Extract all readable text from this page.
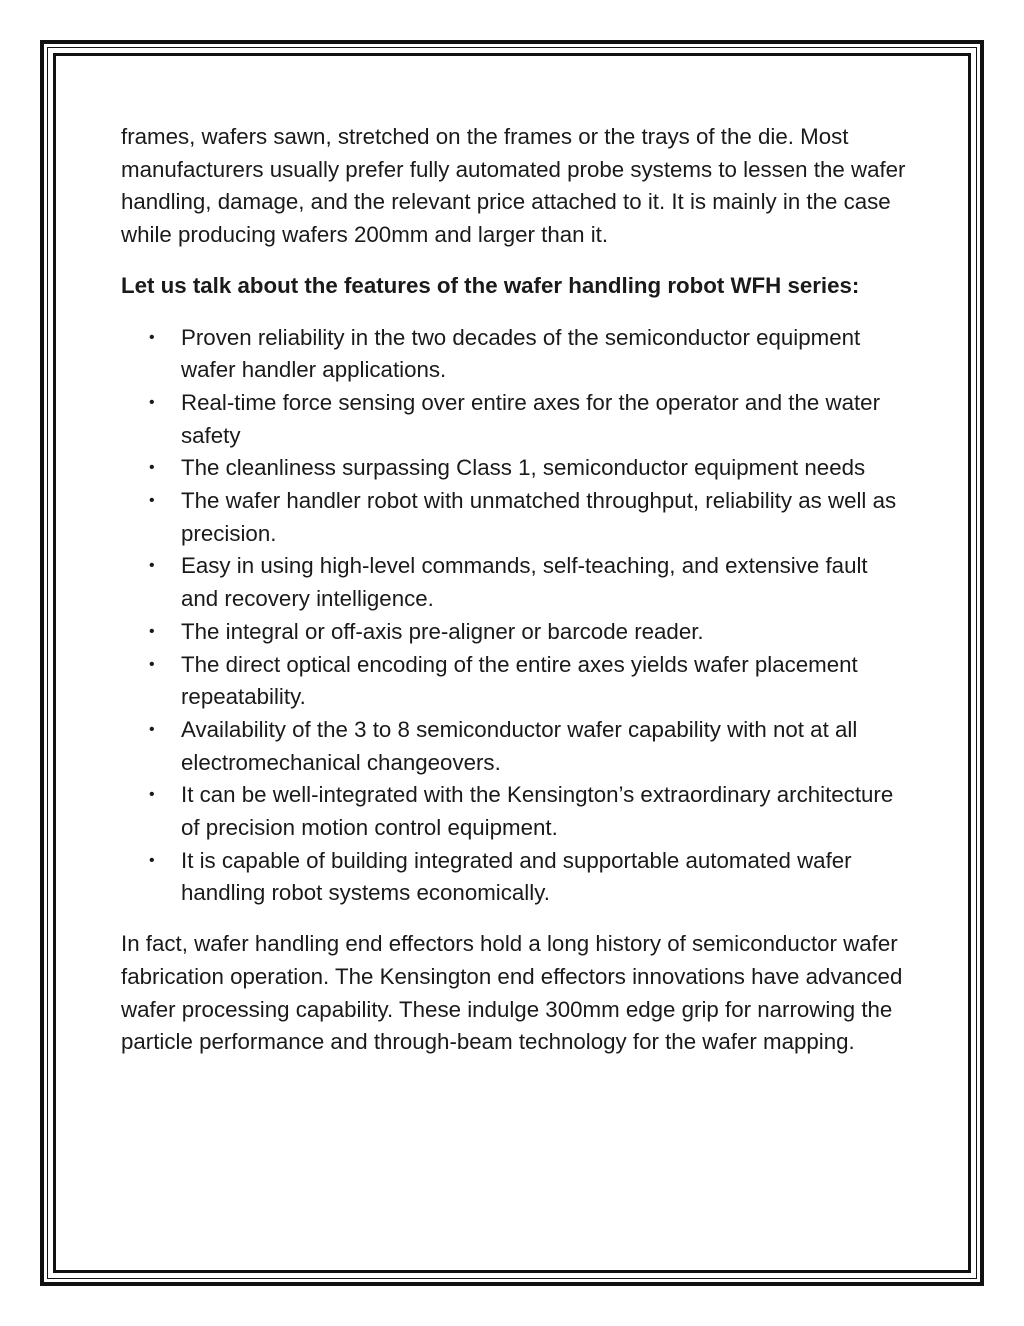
frames, wafers sawn, stretched on the frames or the trays of the die. Most manufacturers usually prefer fully automated probe systems to lessen the wafer handling, damage, and the relevant price attached to it. It is mainly in the case while producing wafers 200mm and larger than it.

Let us talk about the features of the wafer handling robot WFH series:

• Proven reliability in the two decades of the semiconductor equipment wafer handler applications.
• Real-time force sensing over entire axes for the operator and the water safety
• The cleanliness surpassing Class 1, semiconductor equipment needs
• The wafer handler robot with unmatched throughput, reliability as well as precision.
• Easy in using high-level commands, self-teaching, and extensive fault and recovery intelligence.
• The integral or off-axis pre-aligner or barcode reader.
• The direct optical encoding of the entire axes yields wafer placement repeatability.
• Availability of the 3 to 8 semiconductor wafer capability with not at all electromechanical changeovers.
• It can be well-integrated with the Kensington’s extraordinary architecture of precision motion control equipment.
• It is capable of building integrated and supportable automated wafer handling robot systems economically.

In fact, wafer handling end effectors hold a long history of semiconductor wafer fabrication operation. The Kensington end effectors innovations have advanced wafer processing capability. These indulge 300mm edge grip for narrowing the particle performance and through-beam technology for the wafer mapping.
